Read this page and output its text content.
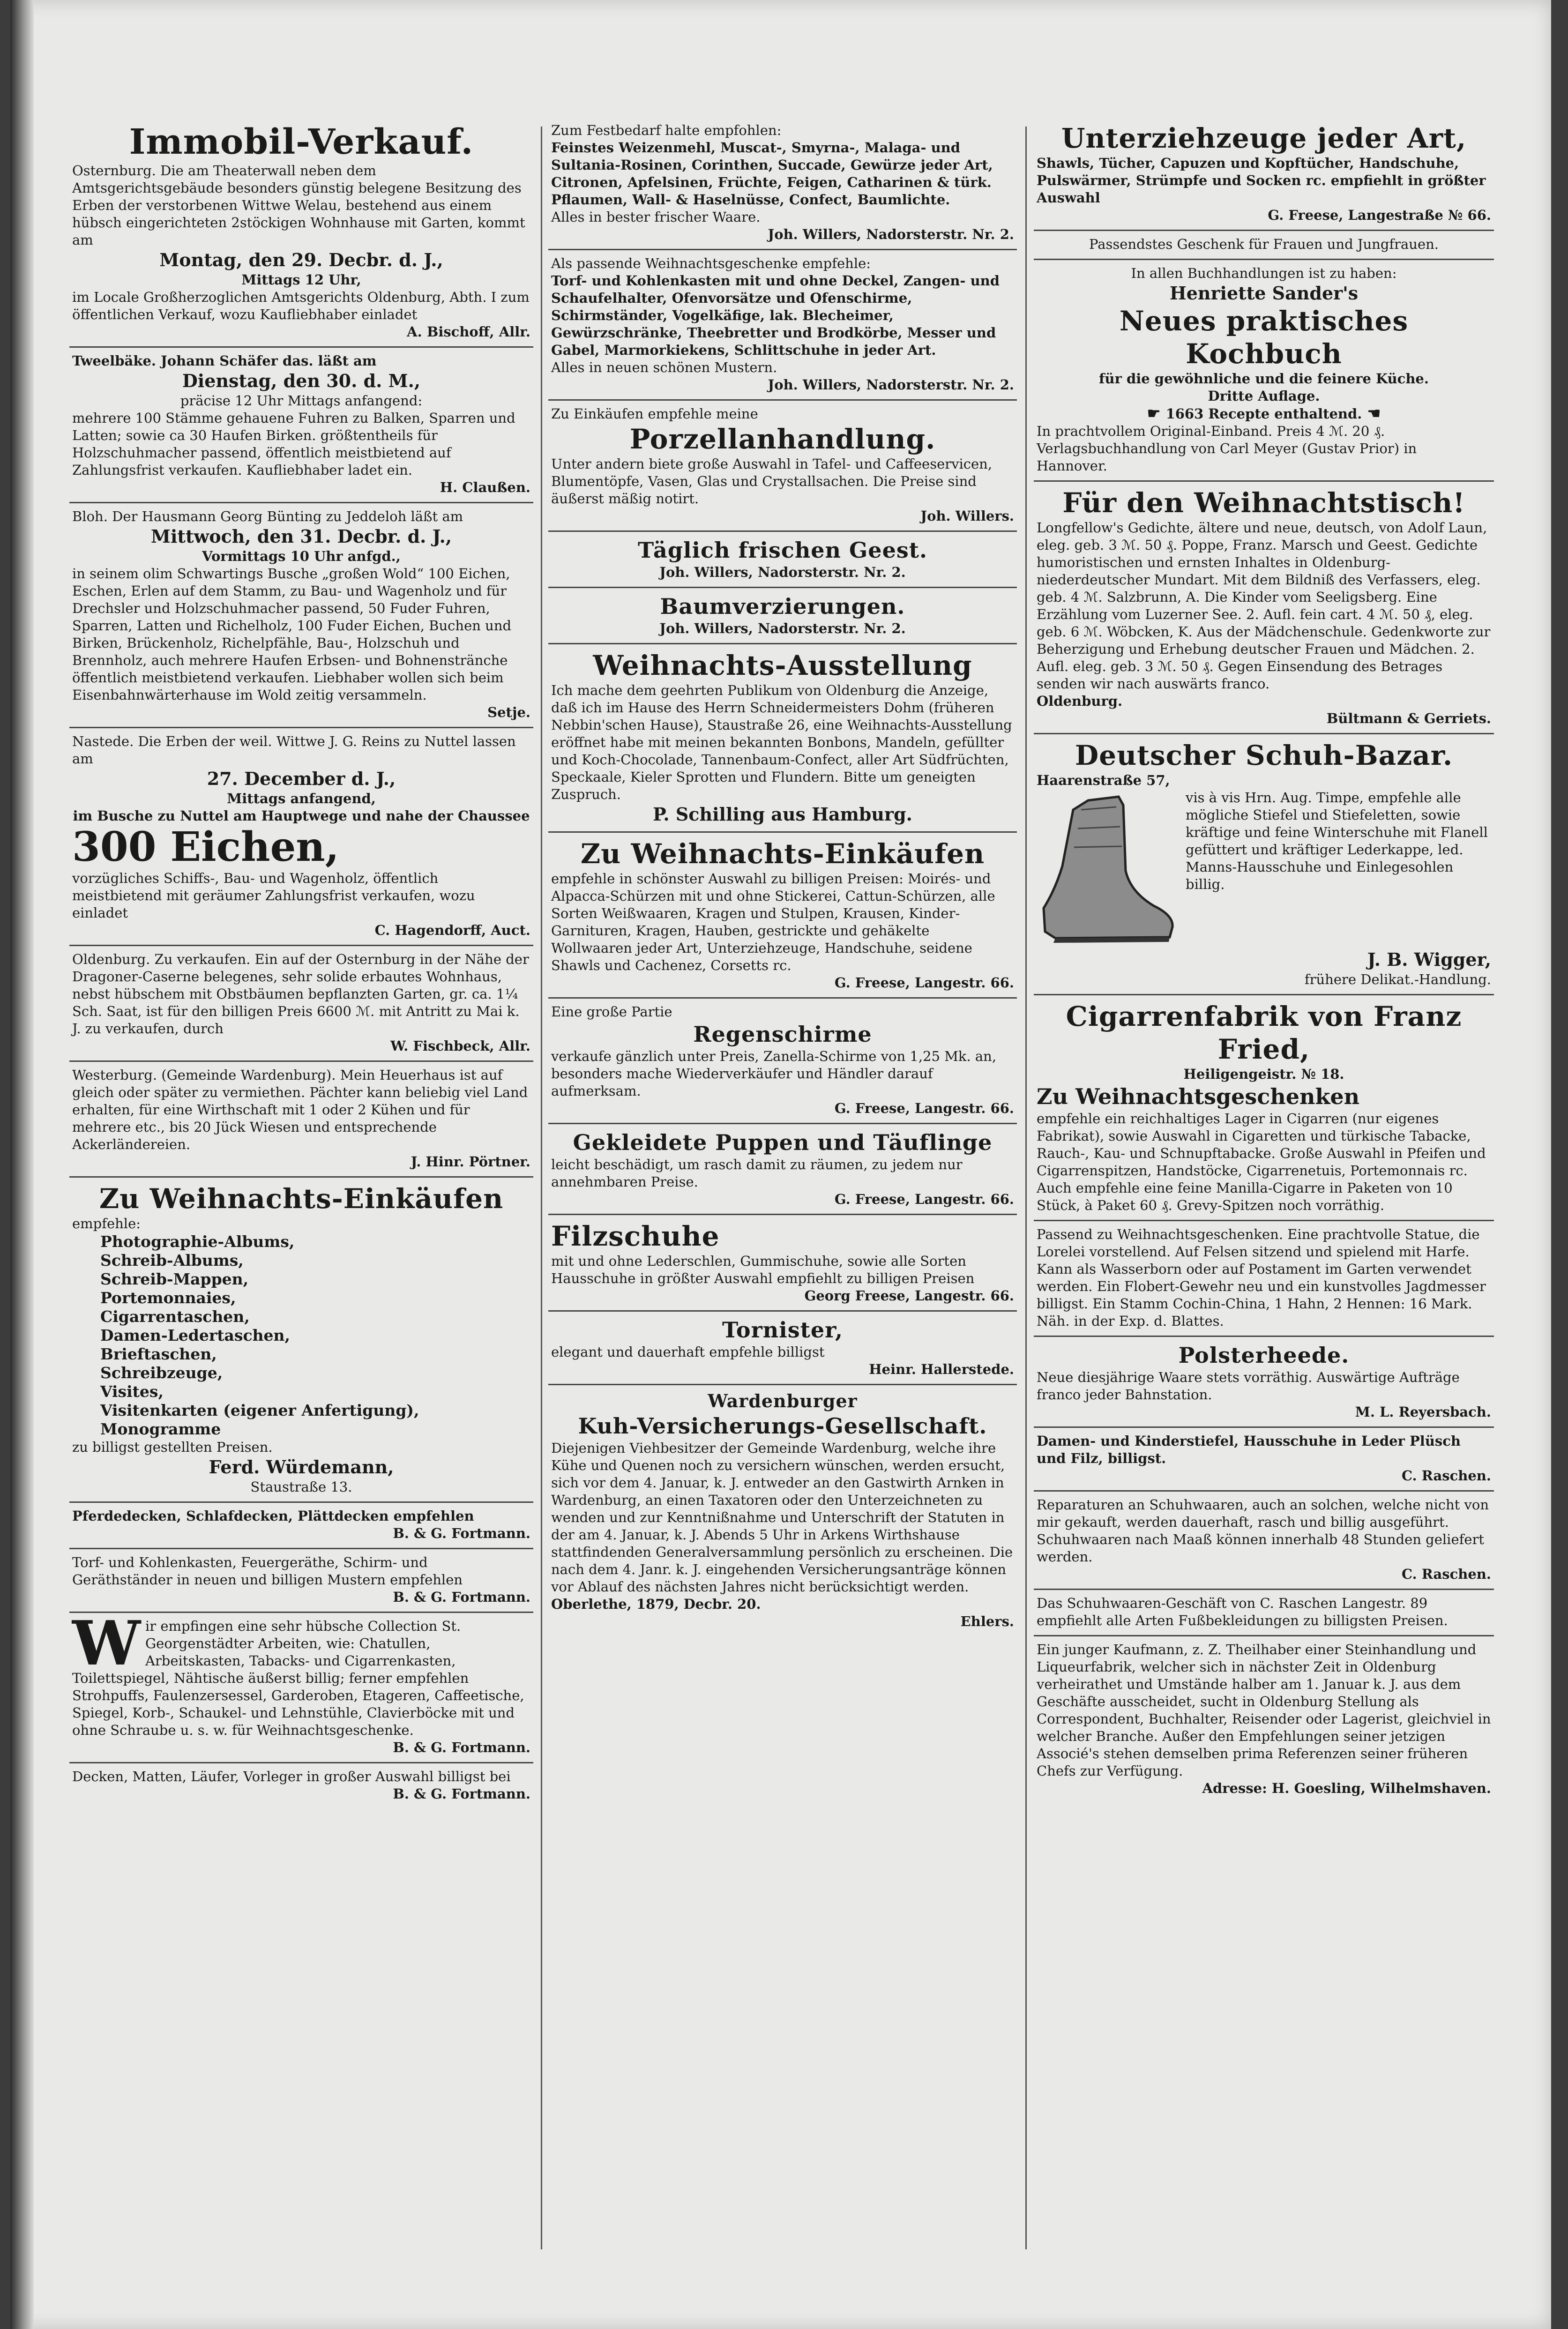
Immobil-Verkauf.

Osternburg. Die am Theaterwall neben dem Amtsgerichtsgebäude besonders günstig belegene Besitzung des Erben der verstorbenen Wittwe Welau, bestehend aus einem hübsch eingerichteten 2stöckigen Wohnhause mit Garten, kommt am

Montag, den 29. Decbr. d. J.,

Mittags 12 Uhr,

im Locale Großherzoglichen Amtsgerichts Oldenburg, Abth. I zum öffentlichen Verkauf, wozu Kaufliebhaber einladet

A. Bischoff, Allr.

Tweelbäke. Johann Schäfer das. läßt am

Dienstag, den 30. d. M.,

präcise 12 Uhr Mittags anfangend:

mehrere 100 Stämme gehauene Fuhren zu Balken, Sparren und Latten; sowie ca 30 Haufen Birken. größtentheils für Holzschuhmacher passend, öffentlich meistbietend auf Zahlungsfrist verkaufen. Kaufliebhaber ladet ein.

H. Claußen.

Bloh. Der Hausmann Georg Bünting zu Jeddeloh läßt am

Mittwoch, den 31. Decbr. d. J.,

Vormittags 10 Uhr anfgd.,

in seinem olim Schwartings Busche „großen Wold“ 100 Eichen, Eschen, Erlen auf dem Stamm, zu Bau- und Wagenholz und für Drechsler und Holzschuhmacher passend, 50 Fuder Fuhren, Sparren, Latten und Richelholz, 100 Fuder Eichen, Buchen und Birken, Brückenholz, Richelpfähle, Bau-, Holzschuh und Brennholz, auch mehrere Haufen Erbsen- und Bohnenstränche öffentlich meistbietend verkaufen. Liebhaber wollen sich beim Eisenbahnwärterhause im Wold zeitig versammeln.

Setje.

Nastede. Die Erben der weil. Wittwe J. G. Reins zu Nuttel lassen am

27. December d. J.,

Mittags anfangend,

im Busche zu Nuttel am Hauptwege und nahe der Chaussee

300 Eichen,

vorzügliches Schiffs-, Bau- und Wagenholz, öffentlich meistbietend mit geräumer Zahlungsfrist verkaufen, wozu einladet

C. Hagendorff, Auct.

Oldenburg. Zu verkaufen. Ein auf der Osternburg in der Nähe der Dragoner-Caserne belegenes, sehr solide erbautes Wohnhaus, nebst hübschem mit Obstbäumen bepflanzten Garten, gr. ca. 1¼ Sch. Saat, ist für den billigen Preis 6600 ℳ. mit Antritt zu Mai k. J. zu verkaufen, durch

W. Fischbeck, Allr.

Westerburg. (Gemeinde Wardenburg). Mein Heuerhaus ist auf gleich oder später zu vermiethen. Pächter kann beliebig viel Land erhalten, für eine Wirthschaft mit 1 oder 2 Kühen und für mehrere etc., bis 20 Jück Wiesen und entsprechende Ackerländereien.

J. Hinr. Pörtner.

Zu Weihnachts-Einkäufen

empfehle:

Photographie-Albums,

Schreib-Albums,

Schreib-Mappen,

Portemonnaies,

Cigarrentaschen,

Damen-Ledertaschen,

Brieftaschen,

Schreibzeuge,

Visites,

Visitenkarten (eigener Anfertigung),

Monogramme

zu billigst gestellten Preisen.

Ferd. Würdemann,

Staustraße 13.

Pferdedecken, Schlafdecken, Plättdecken empfehlen

B. & G. Fortmann.

Torf- und Kohlenkasten, Feuergeräthe, Schirm- und Geräthständer in neuen und billigen Mustern empfehlen

B. & G. Fortmann.

W ir empfingen eine sehr hübsche Collection St. Georgenstädter Arbeiten, wie: Chatullen, Arbeitskasten, Tabacks- und Cigarrenkasten, Toilettspiegel, Nähtische äußerst billig; ferner empfehlen Strohpuffs, Faulenzersessel, Garderoben, Etageren, Caffeetische, Spiegel, Korb-, Schaukel- und Lehnstühle, Clavierböcke mit und ohne Schraube u. s. w. für Weihnachtsgeschenke.

B. & G. Fortmann.

Decken, Matten, Läufer, Vorleger in großer Auswahl billigst bei

B. & G. Fortmann.

Zum Festbedarf halte empfohlen:

Feinstes Weizenmehl, Muscat-, Smyrna-, Malaga- und Sultania-Rosinen, Corinthen, Succade, Gewürze jeder Art, Citronen, Apfelsinen, Früchte, Feigen, Catharinen & türk. Pflaumen, Wall- & Haselnüsse, Confect, Baumlichte.

Alles in bester frischer Waare.

Joh. Willers, Nadorsterstr. Nr. 2.

Als passende Weihnachtsgeschenke empfehle:

Torf- und Kohlenkasten mit und ohne Deckel, Zangen- und Schaufelhalter, Ofenvorsätze und Ofenschirme, Schirmständer, Vogelkäfige, lak. Blecheimer, Gewürzschränke, Theebretter und Brodkörbe, Messer und Gabel, Marmorkiekens, Schlittschuhe in jeder Art.

Alles in neuen schönen Mustern.

Joh. Willers, Nadorsterstr. Nr. 2.

Zu Einkäufen empfehle meine

Porzellanhandlung.

Unter andern biete große Auswahl in Tafel- und Caffeeservicen, Blumentöpfe, Vasen, Glas und Crystallsachen. Die Preise sind äußerst mäßig notirt.

Joh. Willers.

Täglich frischen Geest.

Joh. Willers, Nadorsterstr. Nr. 2.

Baumverzierungen.

Joh. Willers, Nadorsterstr. Nr. 2.

Weihnachts-Ausstellung

Ich mache dem geehrten Publikum von Oldenburg die Anzeige, daß ich im Hause des Herrn Schneidermeisters Dohm (früheren Nebbin'schen Hause), Staustraße 26, eine Weihnachts-Ausstellung eröffnet habe mit meinen bekannten Bonbons, Mandeln, gefüllter und Koch-Chocolade, Tannenbaum-Confect, aller Art Südfrüchten, Speckaale, Kieler Sprotten und Flundern. Bitte um geneigten Zuspruch.

P. Schilling aus Hamburg.

Zu Weihnachts-Einkäufen

empfehle in schönster Auswahl zu billigen Preisen: Moirés- und Alpacca-Schürzen mit und ohne Stickerei, Cattun-Schürzen, alle Sorten Weißwaaren, Kragen und Stulpen, Krausen, Kinder-Garnituren, Kragen, Hauben, gestrickte und gehäkelte Wollwaaren jeder Art, Unterziehzeuge, Handschuhe, seidene Shawls und Cachenez, Corsetts rc.

G. Freese, Langestr. 66.

Eine große Partie

Regenschirme

verkaufe gänzlich unter Preis, Zanella-Schirme von 1,25 Mk. an, besonders mache Wiederverkäufer und Händler darauf aufmerksam.

G. Freese, Langestr. 66.

Gekleidete Puppen und Täuflinge

leicht beschädigt, um rasch damit zu räumen, zu jedem nur annehmbaren Preise.

G. Freese, Langestr. 66.

Filzschuhe

mit und ohne Lederschlen, Gummischuhe, sowie alle Sorten Hausschuhe in größter Auswahl empfiehlt zu billigen Preisen

Georg Freese, Langestr. 66.

Tornister,

elegant und dauerhaft empfehle billigst

Heinr. Hallerstede.

Wardenburger

Kuh-Versicherungs-Gesellschaft.

Diejenigen Viehbesitzer der Gemeinde Wardenburg, welche ihre Kühe und Quenen noch zu versichern wünschen, werden ersucht, sich vor dem 4. Januar, k. J. entweder an den Gastwirth Arnken in Wardenburg, an einen Taxatoren oder den Unterzeichneten zu wenden und zur Kenntnißnahme und Unterschrift der Statuten in der am 4. Januar, k. J. Abends 5 Uhr in Arkens Wirthshause stattfindenden Generalversammlung persönlich zu erscheinen. Die nach dem 4. Janr. k. J. eingehenden Versicherungsanträge können vor Ablauf des nächsten Jahres nicht berücksichtigt werden.

Oberlethe, 1879, Decbr. 20.

Ehlers.

Unterziehzeuge jeder Art,

Shawls, Tücher, Capuzen und Kopftücher, Handschuhe, Pulswärmer, Strümpfe und Socken rc. empfiehlt in größter Auswahl

G. Freese, Langestraße № 66.

Passendstes Geschenk für Frauen und Jungfrauen.

In allen Buchhandlungen ist zu haben:

Henriette Sander's

Neues praktisches Kochbuch

für die gewöhnliche und die feinere Küche.

Dritte Auflage.

☛ 1663 Recepte enthaltend. ☚

In prachtvollem Original-Einband. Preis 4 ℳ. 20 ₰.

Verlagsbuchhandlung von Carl Meyer (Gustav Prior) in Hannover.

Für den Weihnachtstisch!

Longfellow's Gedichte, ältere und neue, deutsch, von Adolf Laun, eleg. geb. 3 ℳ. 50 ₰. Poppe, Franz. Marsch und Geest. Gedichte humoristischen und ernsten Inhaltes in Oldenburg-niederdeutscher Mundart. Mit dem Bildniß des Verfassers, eleg. geb. 4 ℳ. Salzbrunn, A. Die Kinder vom Seeligsberg. Eine Erzählung vom Luzerner See. 2. Aufl. fein cart. 4 ℳ. 50 ₰, eleg. geb. 6 ℳ. Wöbcken, K. Aus der Mädchenschule. Gedenkworte zur Beherzigung und Erhebung deutscher Frauen und Mädchen. 2. Aufl. eleg. geb. 3 ℳ. 50 ₰. Gegen Einsendung des Betrages senden wir nach auswärts franco.

Oldenburg.

Bültmann & Gerriets.

Deutscher Schuh-Bazar.

Haarenstraße 57,

vis à vis Hrn. Aug. Timpe, empfehle alle mögliche Stiefel und Stiefeletten, sowie kräftige und feine Winterschuhe mit Flanell gefüttert und kräftiger Lederkappe, led. Manns-Hausschuhe und Einlegesohlen billig.

J. B. Wigger,

frühere Delikat.-Handlung.

Cigarrenfabrik von Franz Fried,

Heiligengeistr. № 18.

Zu Weihnachtsgeschenken

empfehle ein reichhaltiges Lager in Cigarren (nur eigenes Fabrikat), sowie Auswahl in Cigaretten und türkische Tabacke, Rauch-, Kau- und Schnupftabacke. Große Auswahl in Pfeifen und Cigarrenspitzen, Handstöcke, Cigarrenetuis, Portemonnais rc. Auch empfehle eine feine Manilla-Cigarre in Paketen von 10 Stück, à Paket 60 ₰. Grevy-Spitzen noch vorräthig.

Passend zu Weihnachtsgeschenken. Eine prachtvolle Statue, die Lorelei vorstellend. Auf Felsen sitzend und spielend mit Harfe. Kann als Wasserborn oder auf Postament im Garten verwendet werden. Ein Flobert-Gewehr neu und ein kunstvolles Jagdmesser billigst. Ein Stamm Cochin-China, 1 Hahn, 2 Hennen: 16 Mark. Näh. in der Exp. d. Blattes.

Polsterheede.

Neue diesjährige Waare stets vorräthig. Auswärtige Aufträge franco jeder Bahnstation.

M. L. Reyersbach.

Damen- und Kinderstiefel, Hausschuhe in Leder Plüsch und Filz, billigst.

C. Raschen.

Reparaturen an Schuhwaaren, auch an solchen, welche nicht von mir gekauft, werden dauerhaft, rasch und billig ausgeführt. Schuhwaaren nach Maaß können innerhalb 48 Stunden geliefert werden.

C. Raschen.

Das Schuhwaaren-Geschäft von C. Raschen Langestr. 89 empfiehlt alle Arten Fußbekleidungen zu billigsten Preisen.

Ein junger Kaufmann, z. Z. Theilhaber einer Steinhandlung und Liqueurfabrik, welcher sich in nächster Zeit in Oldenburg verheirathet und Umstände halber am 1. Januar k. J. aus dem Geschäfte ausscheidet, sucht in Oldenburg Stellung als Correspondent, Buchhalter, Reisender oder Lagerist, gleichviel in welcher Branche. Außer den Empfehlungen seiner jetzigen Associé's stehen demselben prima Referenzen seiner früheren Chefs zur Verfügung.

Adresse: H. Goesling, Wilhelmshaven.
